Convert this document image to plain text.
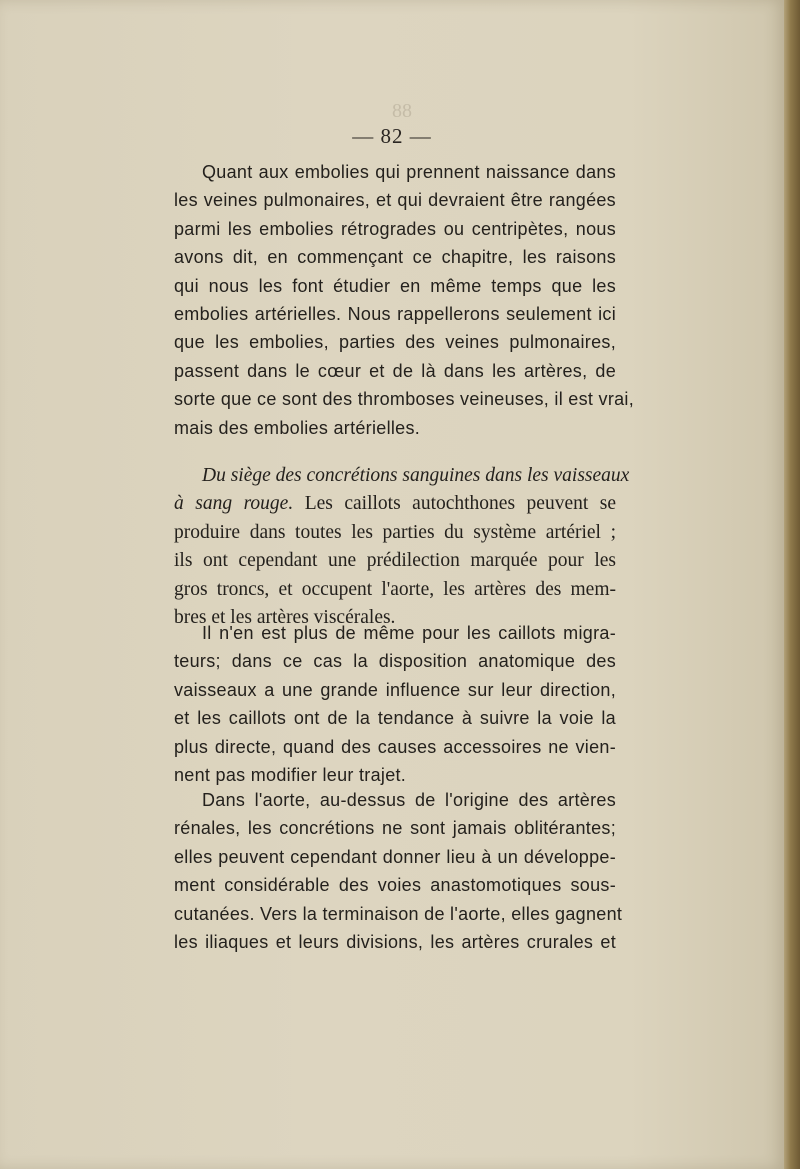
88
— 82 —

Quant aux embolies qui prennent naissance dans

les veines pulmonaires, et qui devraient être rangées

parmi les embolies rétrogrades ou centripètes, nous

avons dit, en commençant ce chapitre, les raisons

qui nous les font étudier en même temps que les

embolies artérielles. Nous rappellerons seulement ici

que les embolies, parties des veines pulmonaires,

passent dans le cœur et de là dans les artères, de

sorte que ce sont des thromboses veineuses, il est vrai,

mais des embolies artérielles.

Du siège des concrétions sanguines dans les vaisseaux

à sang rouge. Les caillots autochthones peuvent se

produire dans toutes les parties du système artériel ;

ils ont cependant une prédilection marquée pour les

gros troncs, et occupent l'aorte, les artères des mem-

bres et les artères viscérales.

Il n'en est plus de même pour les caillots migra-

teurs; dans ce cas la disposition anatomique des

vaisseaux a une grande influence sur leur direction,

et les caillots ont de la tendance à suivre la voie la

plus directe, quand des causes accessoires ne vien-

nent pas modifier leur trajet.

Dans l'aorte, au-dessus de l'origine des artères

rénales, les concrétions ne sont jamais oblitérantes;

elles peuvent cependant donner lieu à un développe-

ment considérable des voies anastomotiques sous-

cutanées. Vers la terminaison de l'aorte, elles gagnent

les iliaques et leurs divisions, les artères crurales et
